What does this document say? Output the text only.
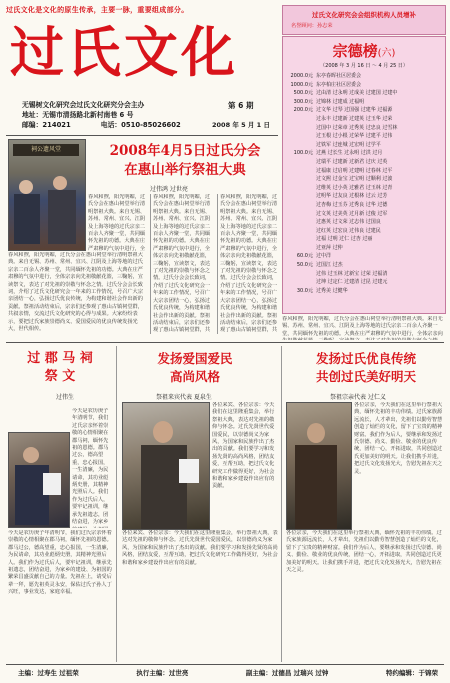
过氏文化是文化的原生传承，主要一脉，重要组成部分。
过氏文化
无锡树文化研究会过氏文化研究分会主办
地址：无锡市清扬路北新村南巷 6 号
邮编：214021	电话：0510-85026602
第 6 期
2008 年 5 月 1 日
过氏文化研究会会组织机构人员增补
名誉顾问：孙志荣
宗德榜(六)
（2008 年 3 月 16 日 ～ 4 月 25 日）
2000.0元 东亭春晖社区居委会
1000.0元 东亭柏庄社区居委会
500.0元 过由清 过永明 过成美 过建国 过建中
300.0元 过锦林 过建成 过福明
200.0元 过文华 过琴 过国强 过建华 过福源
过永丰 过建新 过建英 过玉华 过荣
过国中 过荣章 过秀英 过忠良 过雪林
过玉根 过小根 过荣华 过建平 过伟
过铁军 过连城 过宏明 过学平
100.0元 过燕 过长生 过永明 过洪 过月
过瑞平 过建新 过新君 过庆 过英
过福康 过启明 过建明 过春林 过平
过文熙 过金宝 过宝明 过顺利 过波
过维英 过小英 过雅君 过玉林 过青
过明华 过友良 过根林 过云 过芳
过杏梅 过玉芬 过秀良 过华 过德
过文英 过美英 过月新 过俊 过军
过惠英 过文荣 过志伟 过国良
过红英 过宏良 过伟良 过建民
过福 过明 过仁 过杏 过丽
过亚萍 过仲
60.0元 过中洋
50.0元 过国江 过杰
过伟 过玉林 过新宝 过荣 过福清
过坤 过定仁 过建清 过昆 过建元
30.0元 过秀美 过健华
祠公遗风堂	2008年4月5日过氏分会
在惠山举行祭祖大典
过伟鸿 过世亮
春风和煦，阳光明媚，过氏分会在惠山祠堂举行清明祭祖大典。来自无锡、苏州、常州、宜兴、江阴及上海等地的过氏宗亲二百余人齐聚一堂，共同缅怀先祖的功德。大典在庄严肃穆的气氛中进行，全
春风和煦，阳光明媚，过氏分会在惠山祠堂举行清明祭祖大典。来自无锡、苏州、常州、宜兴、江阴及上海等地的过氏宗亲二百余人齐聚一堂，共同缅怀先祖的功德。大典在庄严肃穆的气氛中进行，全体宗亲向先祖敬献花篮，三鞠躬，宣读祭文，表达了对先祖的崇敬与怀念之情。过氏分会会长致词，介绍了过氏文化研究会一年来的工作情况，号召广大宗亲团结一心，弘扬过氏优良传统，为构建和谐社会作出新的贡献。祭祖活动结束后，宗亲们还参观了惠山古镇祠堂群，共叙亲情，交流过氏文化研究的心得与成果。大家纷纷表示，要把过氏家族崇德尚义、爱国爱民的优良传统发扬光大，世代相传。
春风和煦，阳光明媚，过氏分会在惠山祠堂举行清明祭祖大典。来自无锡、苏州、常州、宜兴、江阴及上海等地的过氏宗亲二百余人齐聚一堂，共同缅怀先祖的功德。大典在庄严肃穆的气氛中进行，全体宗亲向先祖敬献花篮，三鞠躬，宣读祭文，表达了对先祖的崇敬与怀念之情。过氏分会会长致词，介绍了过氏文化研究会一年来的工作情况，号召广大宗亲团结一心，弘扬过氏优良传统，为构建和谐社会作出新的贡献。祭祖活动结束后，宗亲们还参观了惠山古镇祠堂群，共
春风和煦，阳光明媚，过氏分会在惠山祠堂举行清明祭祖大典。来自无锡、苏州、常州、宜兴、江阴及上海等地的过氏宗亲二百余人齐聚一堂，共同缅怀先祖的功德。大典在庄严肃穆的气氛中进行，全体宗亲向先祖敬献花篮，三鞠躬，宣读祭文，表达了对先祖的崇敬与怀念之情。过氏分会会长致词，介绍了过氏文化研究会一年来的工作情况，号召广大宗亲团结一心，弘扬过氏优良传统，为构建和谐社会作出新的贡献。祭祖活动结束后，宗亲们还参观了惠山古镇祠堂群，共
春风和煦，阳光明媚，过氏分会在惠山祠堂举行清明祭祖大典。来自无锡、苏州、常州、宜兴、江阴及上海等地的过氏宗亲二百余人齐聚一堂，共同缅怀先祖的功德。大典在庄严肃穆的气氛中进行，全体宗亲向
过 郡 马 祠
祭 文
过伟生
今天是农历庚子年清明节，我们过氏宗亲怀着崇敬的心情相聚在郡马祠，缅怀先祖的恩德。郡马过公，德高望重，忠心报国，一生清廉，为民请命，其功业彪炳史册，其精神光照后人。我们作为过氏后人，要牢记祖训，继承先祖遗志，团结奋进，为家乡
今天是农历庚子年清明节，我们过氏宗亲怀着崇敬的心情相聚在郡马祠，缅怀先祖的恩德。郡马过公，德高望重，忠心报国，一生清廉，为民请命，其功业彪炳史册，其精神光照后人。我们作为过氏后人，要牢记祖训，继承先祖遗志，团结奋进，为家乡的建设、为祖国的繁荣昌盛贡献自己的力量。先祖在上，请受后辈一拜，愿先祖英灵永安，保佑过氏子孙人丁兴旺，事业发达，家庭幸福。
发扬爱国爱民
高尚风格
祭祖来宾代表 夏泉生
各位来宾、各位宗亲：今天我们在这里隆重集会，举行祭祖大典，表达对先祖的敬仰与怀念。过氏先贤世代爱国爱民，以崇德尚义为家风，为国家和民族作出了杰出的贡献。我们要学习和发扬先贤的高尚风格，团结友爱，互帮互助，把过氏文化研究工作做得更好，为社会和谐和家乡建设作出应有的贡献。
各位来宾、各位宗亲：今天我们在这里隆重集会，举行祭祖大典，表达对先祖的敬仰与怀念。过氏先贤世代爱国爱民，以崇德尚义为家风，为国家和民族作出了杰出的贡献。我们要学习和发扬先贤的高尚风格，团结友爱，互帮互助，把过氏文化研究工作做得更好，为社会和谐和家乡建设作出应有的贡献。
发扬过氏优良传统
共创过氏美好明天
祭祖宗亲代表 过仁义
各位宗亲，今天我们在这里举行祭祖大典，缅怀先祖的丰功伟绩。过氏家族源远流长，人才辈出，先祖们以勤劳智慧创造了灿烂的文化，留下了宝贵的精神财富。我们作为后人，要继承和发扬过氏崇德、尚义、勤俭、敬业的优良传统，团结一心，开拓进取，共同创造过氏更加美好的明天。让我们携手并进，把过氏文化发扬光大，告慰先祖在天之灵。
各位宗亲，今天我们在这里举行祭祖大典，缅怀先祖的丰功伟绩。过氏家族源远流长，人才辈出，先祖们以勤劳智慧创造了灿烂的文化，留下了宝贵的精神财富。我们作为后人，要继承和发扬过氏崇德、尚义、勤俭、敬业的优良传统，团结一心，开拓进取，共同创造过氏更加美好的明天。让我们携手并进，把过氏文化发扬光大，告慰先祖在天之灵。
主编：过寿生 过祖荣	执行主编：过世亮	副主编：过德昌 过瑞兴 过钟	特约编辑：于锦荣
